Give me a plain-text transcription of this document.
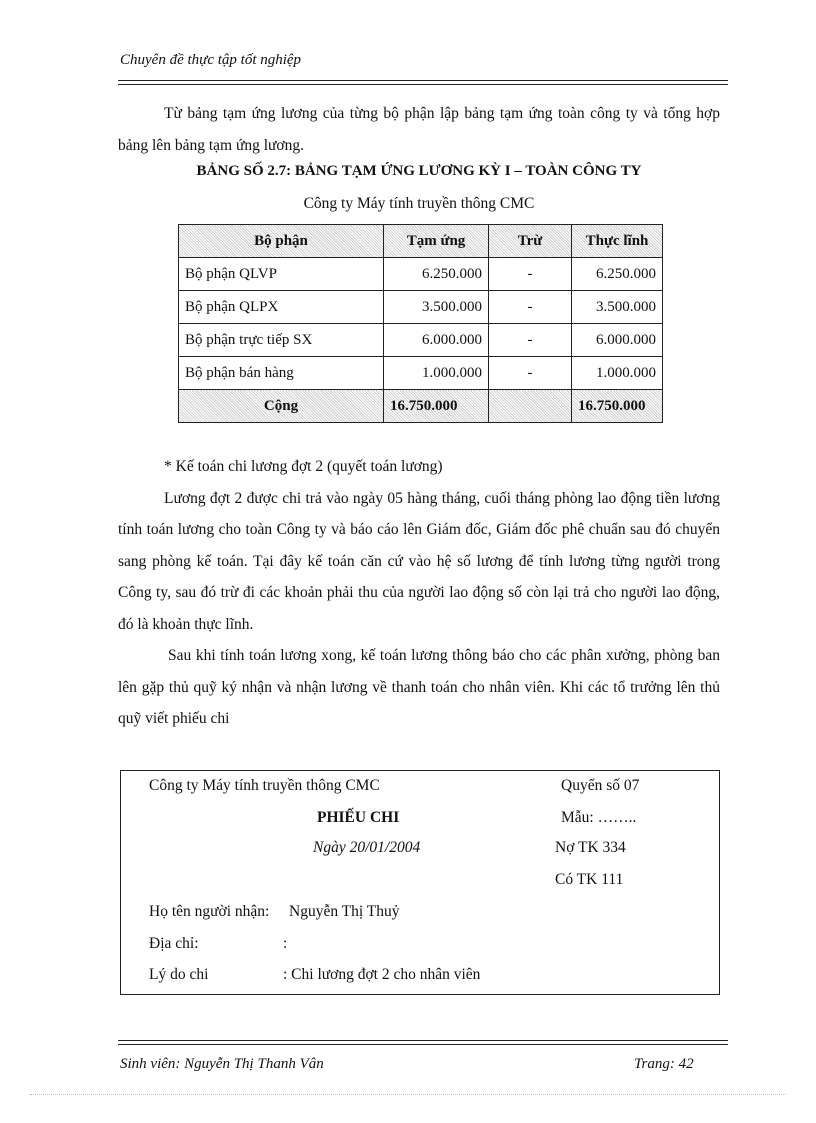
Chuyên đề thực tập tốt nghiệp
Từ bảng tạm ứng lương của từng bộ phận lập bảng tạm ứng toàn công ty và tổng hợp bảng lên bảng tạm ứng lương.
BẢNG SỐ 2.7: BẢNG TẠM ỨNG LƯƠNG KỲ I – TOÀN CÔNG TY
Công ty Máy tính truyền thông CMC
Bộ phận	Tạm ứng	Trừ	Thực lĩnh
Bộ phận QLVP	6.250.000	-	6.250.000
Bộ phận QLPX	3.500.000	-	3.500.000
Bộ phận trực tiếp SX	6.000.000	-	6.000.000
Bộ phận bán hàng	1.000.000	-	1.000.000
Cộng	16.750.000		16.750.000
* Kế toán chi lương đợt 2 (quyết toán lương)
Lương đợt 2 được chi trả vào ngày 05 hàng tháng, cuối tháng phòng lao động tiền lương tính toán lương cho toàn Công ty và báo cáo lên Giám đốc, Giám đốc phê chuẩn sau đó chuyển sang phòng kế toán. Tại đây kế toán căn cứ vào hệ số lương để tính lương từng người trong Công ty, sau đó trừ đi các khoản phải thu của người lao động số còn lại trả cho người lao động, đó là khoản thực lĩnh.
Sau khi tính toán lương xong, kế toán lương thông báo cho các phân xưởng, phòng ban lên gặp thủ quỹ ký nhận và nhận lương về thanh toán cho nhân viên. Khi các tổ trưởng lên thủ quỹ viết phiếu chi
Công ty Máy tính truyền thông CMC	Quyển số 07
PHIẾU CHI	Mẫu: ……..
Ngày 20/01/2004	Nợ TK 334
Có TK 111
Họ tên người nhận: Nguyễn Thị Thuỷ
Địa chỉ:	:
Lý do chi	: Chi lương đợt 2 cho nhân viên
Sinh viên: Nguyễn Thị Thanh Vân	Trang: 42
